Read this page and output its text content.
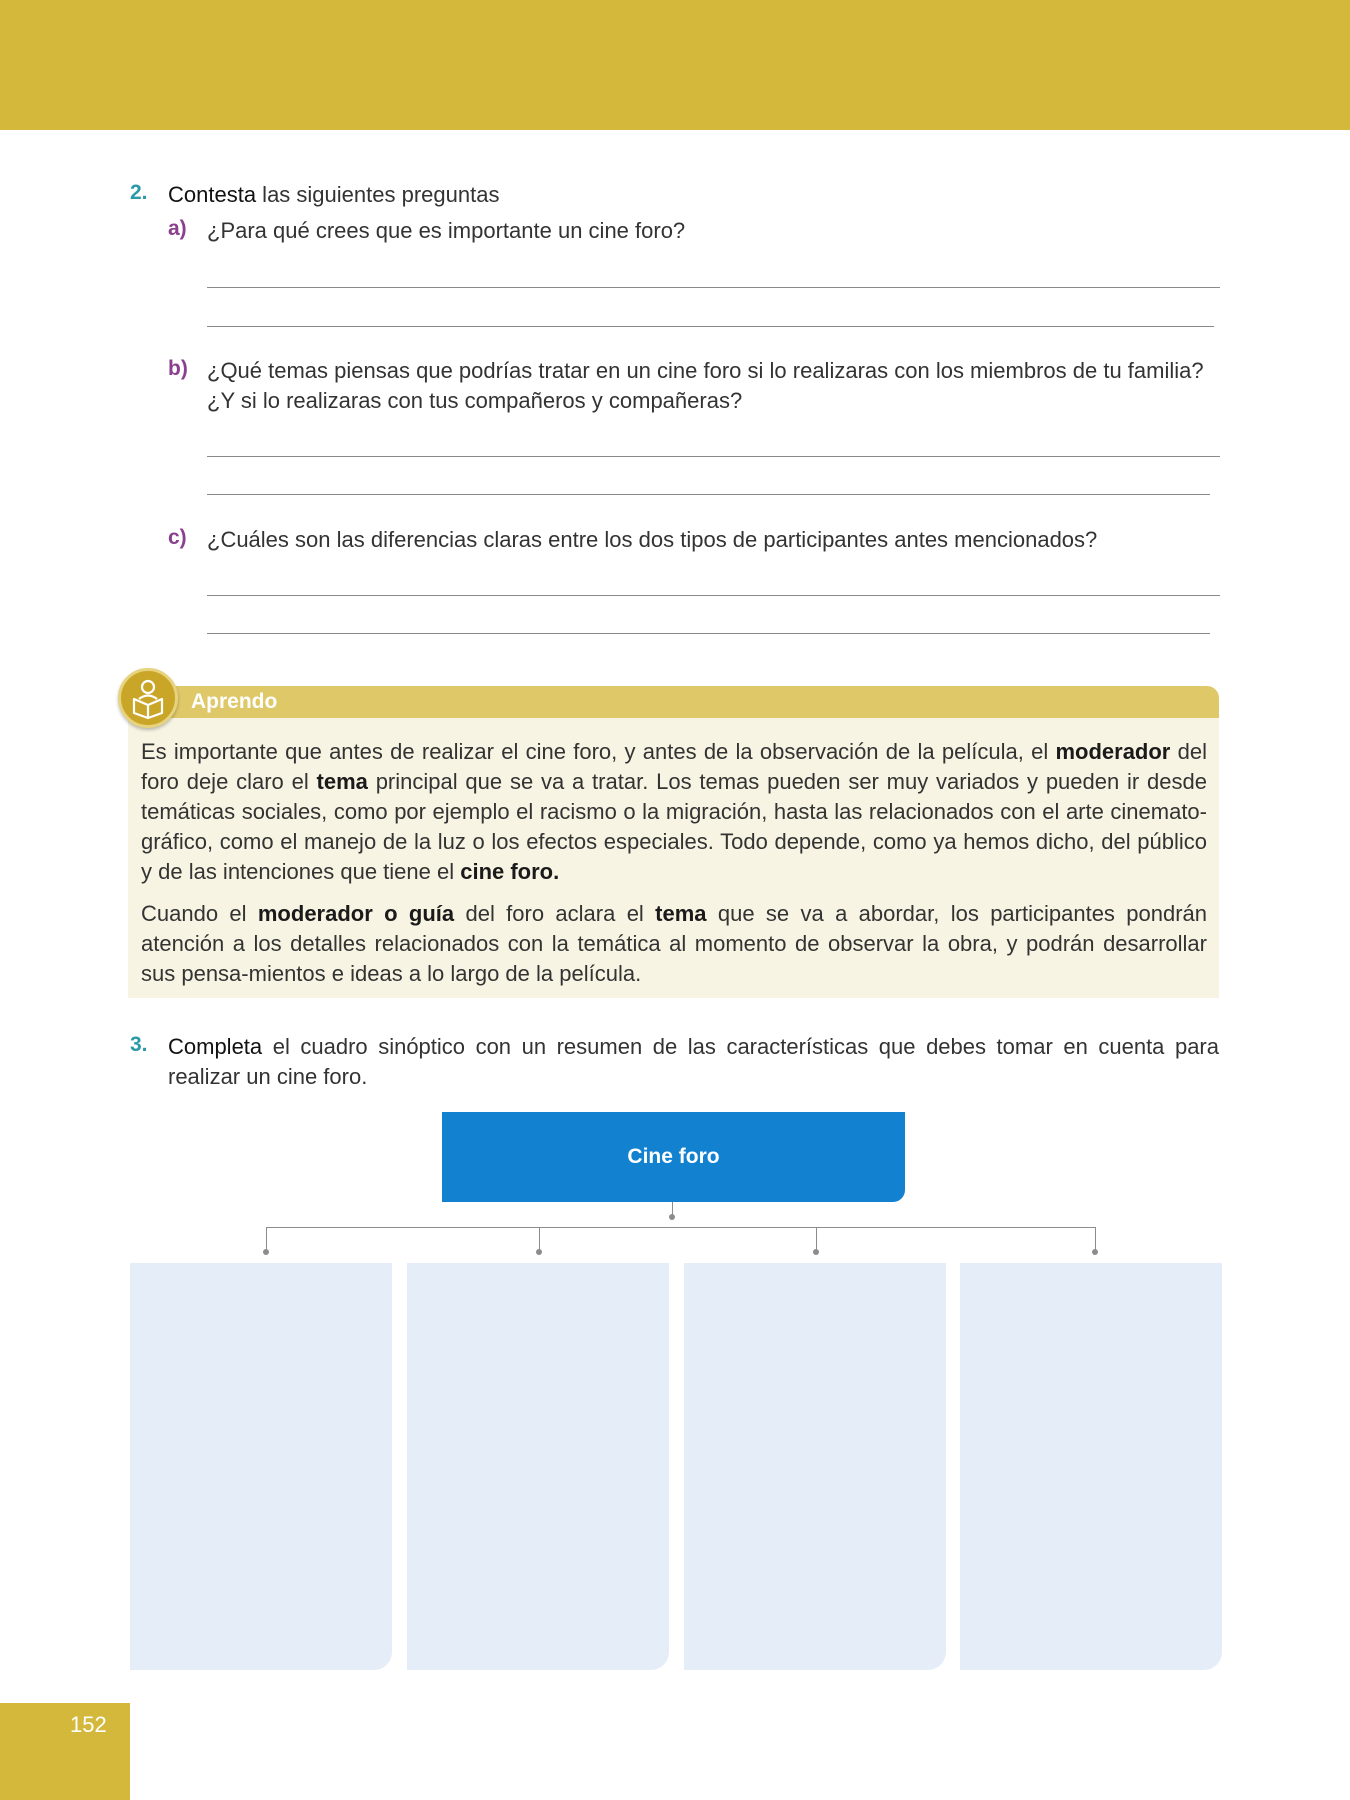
2. Contesta las siguientes preguntas
a) ¿Para qué crees que es importante un cine foro?
b) ¿Qué temas piensas que podrías tratar en un cine foro si lo realizaras con los miembros de tu familia?
¿Y si lo realizaras con tus compañeros y compañeras?
c) ¿Cuáles son las diferencias claras entre los dos tipos de participantes antes mencionados?
Aprendo
Es importante que antes de realizar el cine foro, y antes de la observación de la película, el moderador del foro deje claro el tema principal que se va a tratar. Los temas pueden ser muy variados y pueden ir desde temáticas sociales, como por ejemplo el racismo o la migración, hasta las relacionados con el arte cinemato-gráfico, como el manejo de la luz o los efectos especiales. Todo depende, como ya hemos dicho, del público y de las intenciones que tiene el cine foro.
Cuando el moderador o guía del foro aclara el tema que se va a abordar, los participantes pondrán atención a los detalles relacionados con la temática al momento de observar la obra, y podrán desarrollar sus pensa-mientos e ideas a lo largo de la película.
3. Completa el cuadro sinóptico con un resumen de las características que debes tomar en cuenta para realizar un cine foro.
Cine foro
152
